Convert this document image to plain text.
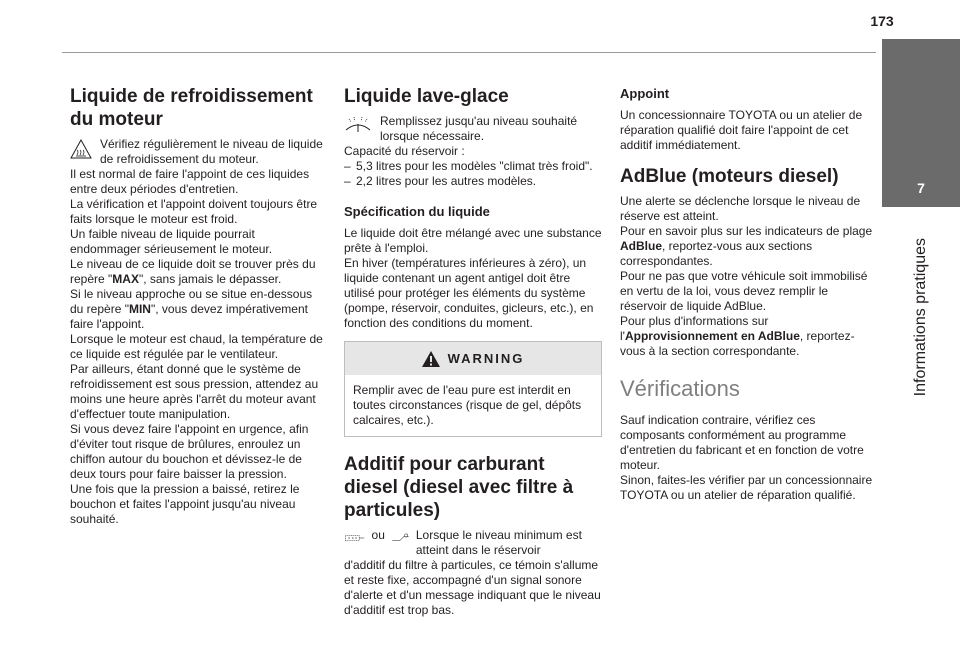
173
7
Informations pratiques
Liquide de refroidissement
du moteur

Vérifiez régulièrement le niveau de liquide de refroidissement du moteur.

Il est normal de faire l'appoint de ces liquides entre deux périodes d'entretien.

La vérification et l'appoint doivent toujours être faits lorsque le moteur est froid.

Un faible niveau de liquide pourrait endommager sérieusement le moteur.

Le niveau de ce liquide doit se trouver près du repère "MAX", sans jamais le dépasser.

Si le niveau approche ou se situe en-dessous du repère "MIN", vous devez impérativement faire l'appoint.

Lorsque le moteur est chaud, la température de ce liquide est régulée par le ventilateur.

Par ailleurs, étant donné que le système de refroidissement est sous pression, attendez au moins une heure après l'arrêt du moteur avant d'effectuer toute manipulation.

Si vous devez faire l'appoint en urgence, afin d'éviter tout risque de brûlures, enroulez un chiffon autour du bouchon et dévissez-le de deux tours pour faire baisser la pression.

Une fois que la pression a baissé, retirez le bouchon et faites l'appoint jusqu'au niveau souhaité.

Liquide lave-glace

Remplissez jusqu'au niveau souhaité lorsque nécessaire.

Capacité du réservoir :

– 5,3 litres pour les modèles "climat très froid".
– 2,2 litres pour les autres modèles.
Spécification du liquide

Le liquide doit être mélangé avec une substance prête à l'emploi.

En hiver (températures inférieures à zéro), un liquide contenant un agent antigel doit être utilisé pour protéger les éléments du système (pompe, réservoir, conduites, gicleurs, etc.), en fonction des conditions du moment.

WARNING
Remplir avec de l'eau pure est interdit en toutes circonstances (risque de gel, dépôts calcaires, etc.).
Additif pour carburant diesel (diesel avec filtre à particules)
ou	Lorsque le niveau minimum est atteint dans le réservoir

d'additif du filtre à particules, ce témoin s'allume et reste fixe, accompagné d'un signal sonore d'alerte et d'un message indiquant que le niveau d'additif est trop bas.

Appoint

Un concessionnaire TOYOTA ou un atelier de réparation qualifié doit faire l'appoint de cet additif immédiatement.

AdBlue (moteurs diesel)

Une alerte se déclenche lorsque le niveau de réserve est atteint.

Pour en savoir plus sur les indicateurs de plage AdBlue, reportez-vous aux sections correspondantes.

Pour ne pas que votre véhicule soit immobilisé en vertu de la loi, vous devez remplir le réservoir de liquide AdBlue.

Pour plus d'informations sur l'Approvisionnement en AdBlue, reportez-vous à la section correspondante.

Vérifications

Sauf indication contraire, vérifiez ces composants conformément au programme d'entretien du fabricant et en fonction de votre moteur.

Sinon, faites-les vérifier par un concessionnaire TOYOTA ou un atelier de réparation qualifié.
